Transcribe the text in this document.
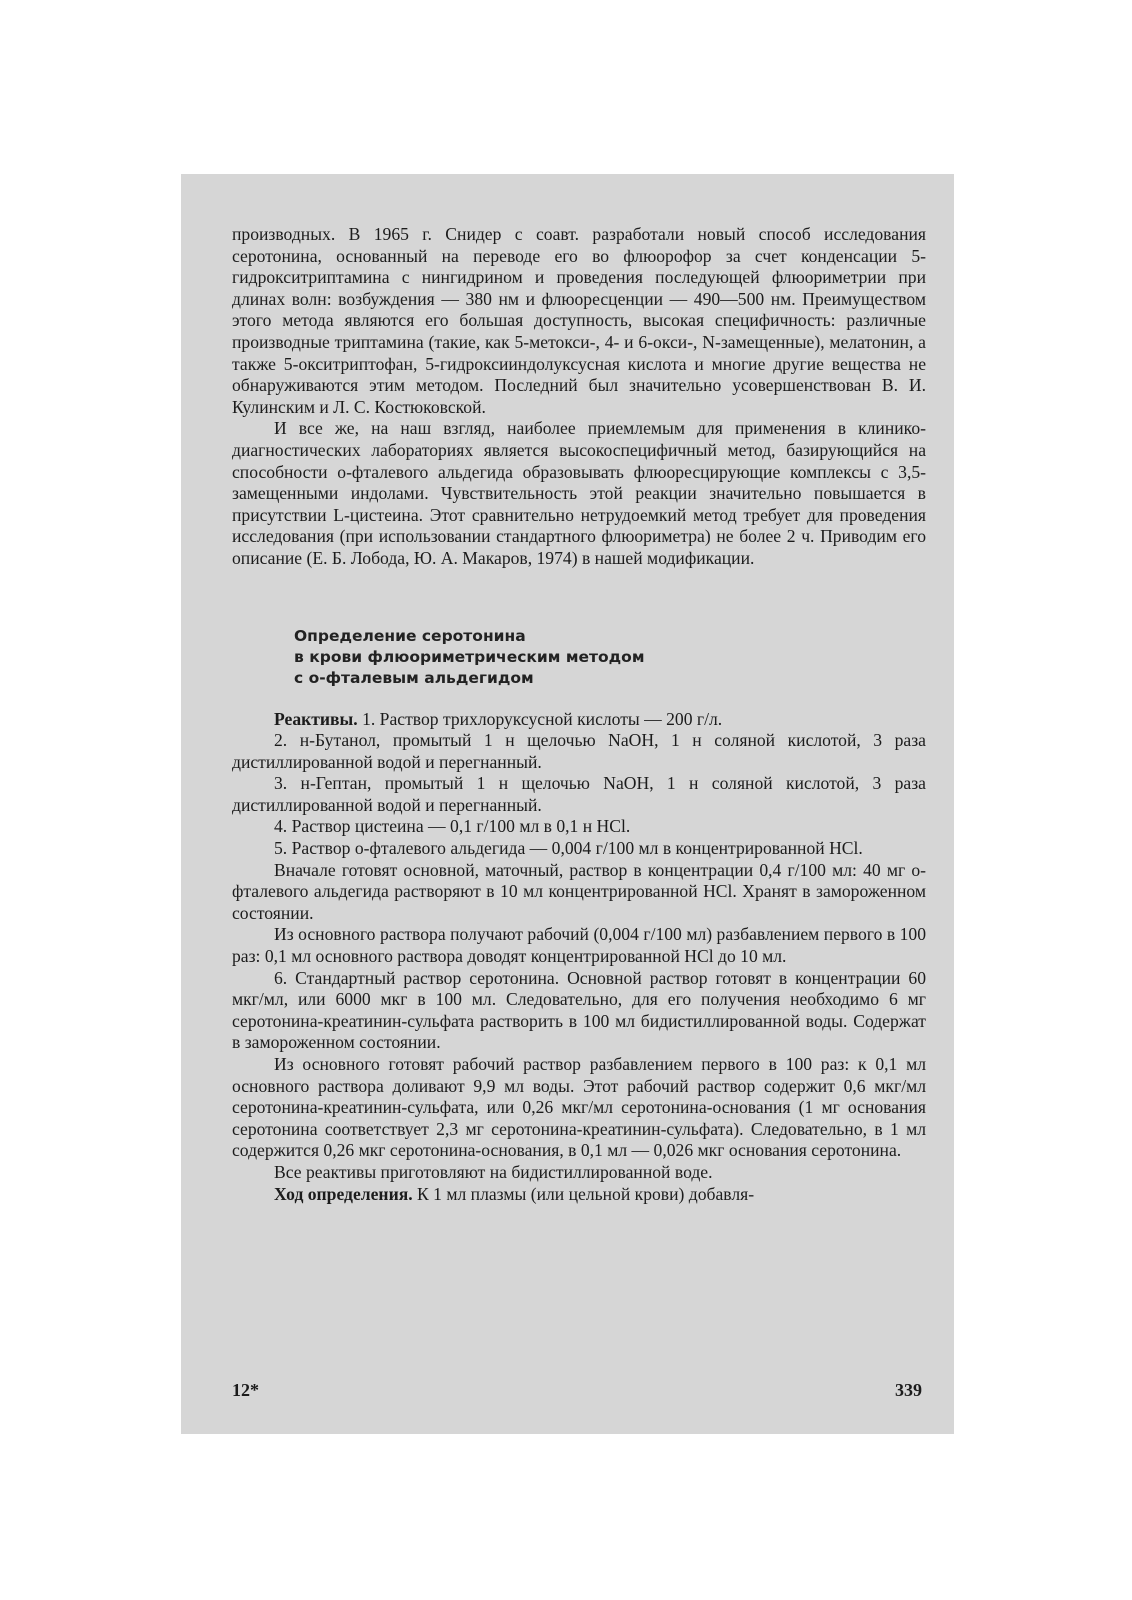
производных. В 1965 г. Снидер с соавт. разработали новый способ исследования серотонина, основанный на переводе его во флюорофор за счет конденсации 5-гидрокситриптамина с нингидрином и проведения последующей флюориметрии при длинах волн: возбуждения — 380 нм и флюоресценции — 490—500 нм. Преимуществом этого метода являются его большая доступность, высокая специфичность: различные производные триптамина (такие, как 5-метокси-, 4- и 6-окси-, N-замещенные), мелатонин, а также 5-окситриптофан, 5-гидроксииндолуксусная кислота и многие другие вещества не обнаруживаются этим методом. Последний был значительно усовершенствован В. И. Кулинским и Л. С. Костюковской.

И все же, на наш взгляд, наиболее приемлемым для применения в клинико-диагностических лабораториях является высокоспецифичный метод, базирующийся на способности о-фталевого альдегида образовывать флюоресцирующие комплексы с 3,5-замещенными индолами. Чувствительность этой реакции значительно повышается в присутствии L-цистеина. Этот сравнительно нетрудоемкий метод требует для проведения исследования (при использовании стандартного флюориметра) не более 2 ч. Приводим его описание (Е. Б. Лобода, Ю. А. Макаров, 1974) в нашей модификации.

Определение серотонина
в крови флюориметрическим методом
с о-фталевым альдегидом

Реактивы. 1. Раствор трихлоруксусной кислоты — 200 г/л.

2. н-Бутанол, промытый 1 н щелочью NaOH, 1 н соляной кислотой, 3 раза дистиллированной водой и перегнанный.

3. н-Гептан, промытый 1 н щелочью NaOH, 1 н соляной кислотой, 3 раза дистиллированной водой и перегнанный.

4. Раствор цистеина — 0,1 г/100 мл в 0,1 н HCl.

5. Раствор о-фталевого альдегида — 0,004 г/100 мл в концентрированной HCl.

Вначале готовят основной, маточный, раствор в концентрации 0,4 г/100 мл: 40 мг о-фталевого альдегида растворяют в 10 мл концентрированной HCl. Хранят в замороженном состоянии.

Из основного раствора получают рабочий (0,004 г/100 мл) разбавлением первого в 100 раз: 0,1 мл основного раствора доводят концентрированной HCl до 10 мл.

6. Стандартный раствор серотонина. Основной раствор готовят в концентрации 60 мкг/мл, или 6000 мкг в 100 мл. Следовательно, для его получения необходимо 6 мг серотонина-креатинин-сульфата растворить в 100 мл бидистиллированной воды. Содержат в замороженном состоянии.

Из основного готовят рабочий раствор разбавлением первого в 100 раз: к 0,1 мл основного раствора доливают 9,9 мл воды. Этот рабочий раствор содержит 0,6 мкг/мл серотонина-креатинин-сульфата, или 0,26 мкг/мл серотонина-основания (1 мг основания серотонина соответствует 2,3 мг серотонина-креатинин-сульфата). Следовательно, в 1 мл содержится 0,26 мкг серотонина-основания, в 0,1 мл — 0,026 мкг основания серотонина.

Все реактивы приготовляют на бидистиллированной воде.

Ход определения. К 1 мл плазмы (или цельной крови) добавля-

12*	339
